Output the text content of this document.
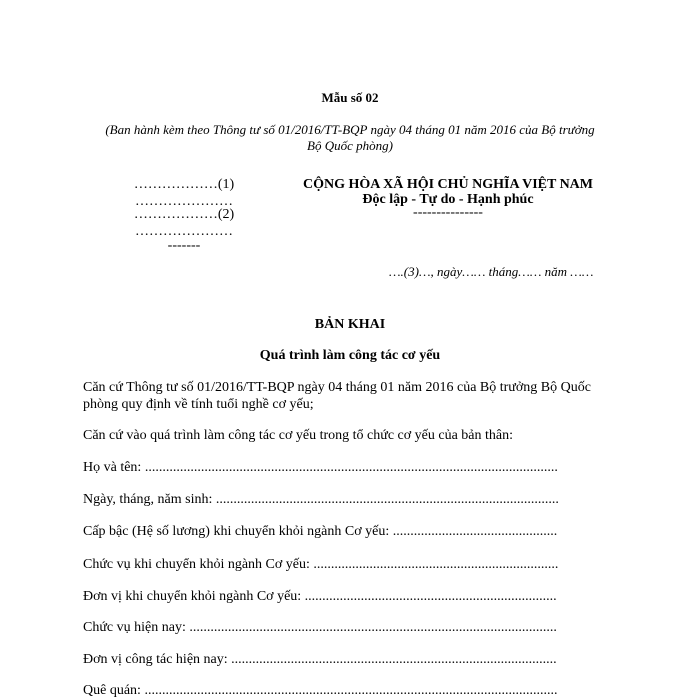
Mẫu số 02
(Ban hành kèm theo Thông tư số 01/2016/TT-BQP ngày 04 tháng 01 năm 2016 của Bộ trưởng
Bộ Quốc phòng)
………………(1)
…………………
………………(2)
…………………
-------
CỘNG HÒA XÃ HỘI CHỦ NGHĨA VIỆT NAM
Độc lập - Tự do - Hạnh phúc
---------------
….(3)…, ngày…… tháng…… năm ……
BẢN KHAI
Quá trình làm công tác cơ yếu
Căn cứ Thông tư số 01/2016/TT-BQP ngày 04 tháng 01 năm 2016 của Bộ trưởng Bộ Quốc
phòng quy định về tính tuổi nghề cơ yếu;
Căn cứ vào quá trình làm công tác cơ yếu trong tổ chức cơ yếu của bản thân:
Họ và tên: ......................................................................................................................
Ngày, tháng, năm sinh: ..................................................................................................
Cấp bậc (Hệ số lương) khi chuyển khỏi ngành Cơ yếu: ...............................................
Chức vụ khi chuyển khỏi ngành Cơ yếu: ......................................................................
Đơn vị khi chuyển khỏi ngành Cơ yếu: ........................................................................
Chức vụ hiện nay: .........................................................................................................
Đơn vị công tác hiện nay: .............................................................................................
Quê quán: ......................................................................................................................
